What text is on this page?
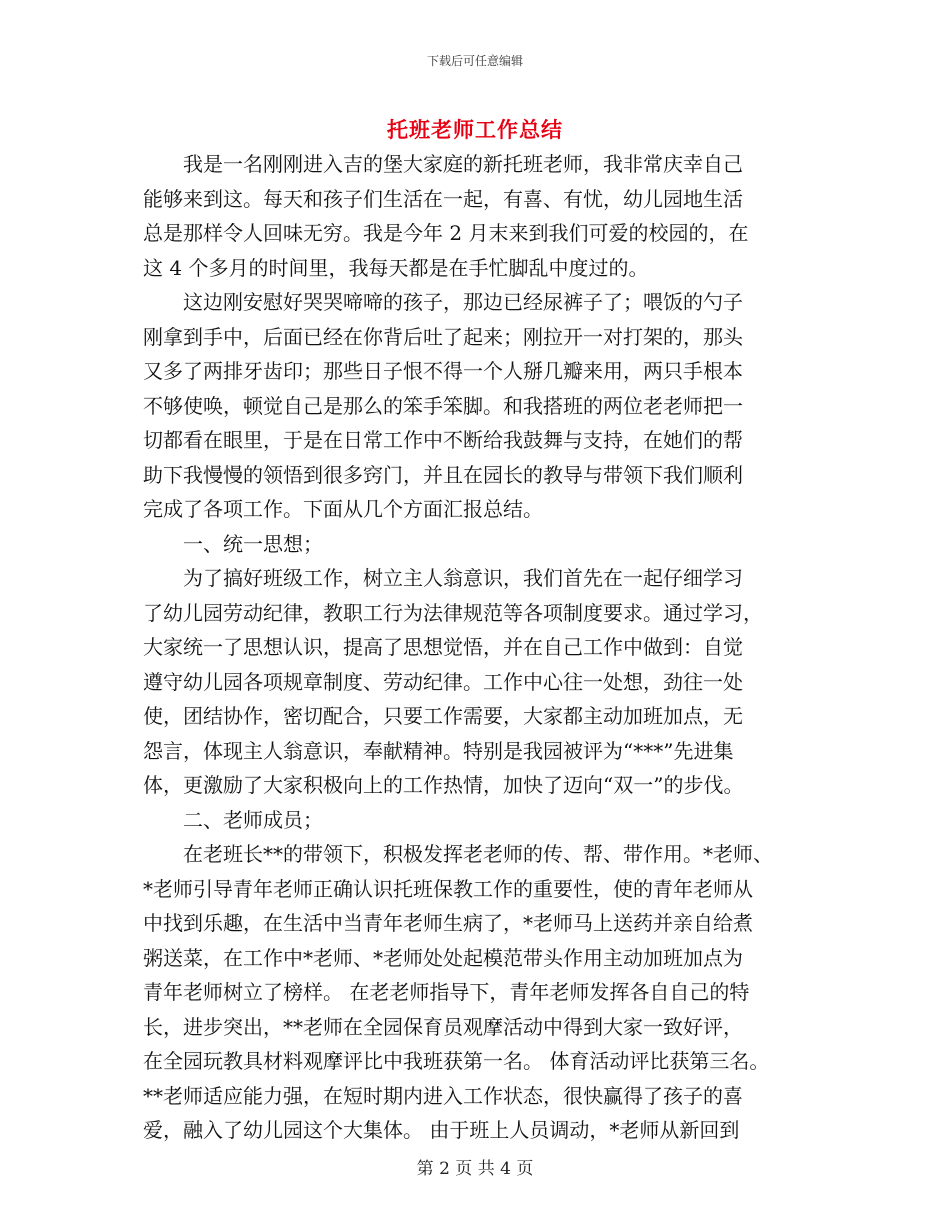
下载后可任意编辑
托班老师工作总结
　　我是一名刚刚进入吉的堡大家庭的新托班老师，我非常庆幸自己
能够来到这。每天和孩子们生活在一起，有喜、有忧，幼儿园地生活
总是那样令人回味无穷。我是今年 2 月末来到我们可爱的校园的，在
这 4 个多月的时间里，我每天都是在手忙脚乱中度过的。
　　这边刚安慰好哭哭啼啼的孩子，那边已经尿裤子了；喂饭的勺子
刚拿到手中，后面已经在你背后吐了起来；刚拉开一对打架的，那头
又多了两排牙齿印；那些日子恨不得一个人掰几瓣来用，两只手根本
不够使唤，顿觉自己是那么的笨手笨脚。和我搭班的两位老老师把一
切都看在眼里，于是在日常工作中不断给我鼓舞与支持，在她们的帮
助下我慢慢的领悟到很多窍门，并且在园长的教导与带领下我们顺利
完成了各项工作。下面从几个方面汇报总结。
　　一、统一思想；
　　为了搞好班级工作，树立主人翁意识，我们首先在一起仔细学习
了幼儿园劳动纪律，教职工行为法律规范等各项制度要求。通过学习，
大家统一了思想认识，提高了思想觉悟，并在自己工作中做到：自觉
遵守幼儿园各项规章制度、劳动纪律。工作中心往一处想，劲往一处
使，团结协作，密切配合，只要工作需要，大家都主动加班加点，无
怨言，体现主人翁意识，奉献精神。特别是我园被评为“***”先进集
体，更激励了大家积极向上的工作热情，加快了迈向“双一”的步伐。
　　二、老师成员；
　　在老班长**的带领下，积极发挥老老师的传、帮、带作用。*老师、
*老师引导青年老师正确认识托班保教工作的重要性，使的青年老师从
中找到乐趣，在生活中当青年老师生病了，*老师马上送药并亲自给煮
粥送菜，在工作中*老师、*老师处处起模范带头作用主动加班加点为
青年老师树立了榜样。 在老老师指导下，青年老师发挥各自自己的特
长，进步突出，**老师在全园保育员观摩活动中得到大家一致好评，
在全园玩教具材料观摩评比中我班获第一名。 体育活动评比获第三名。
**老师适应能力强，在短时期内进入工作状态，很快赢得了孩子的喜
爱，融入了幼儿园这个大集体。 由于班上人员调动，*老师从新回到
第 2 页 共 4 页
